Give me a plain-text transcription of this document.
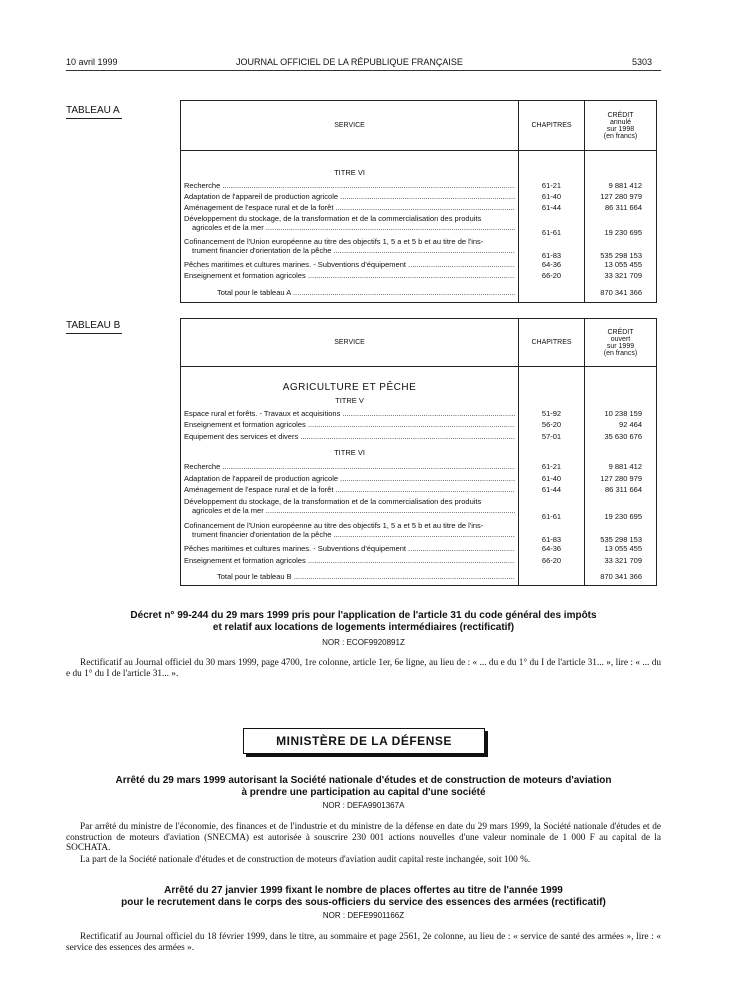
10 avril 1999	JOURNAL OFFICIEL DE LA RÉPUBLIQUE FRANÇAISE	5303
TABLEAU A
SERVICE	CHAPITRES	CRÉDIT
annulé
sur 1998
(en francs)

TITRE VI		

Recherche .....	61-21	9 881 412

Adaptation de l'appareil de production agricole .....	61-40	127 280 979

Aménagement de l'espace rural et de la forêt .....	61-44	86 311 664

Développement du stockage, de la transformation et de la commercialisation des produits
agricoles et de la mer .....	61-61	19 230 695

Cofinancement de l'Union européenne au titre des objectifs 1, 5 a et 5 b et au titre de l'ins-
trument financier d'orientation de la pêche .....	61-83	535 298 153

Pêches maritimes et cultures marines. - Subventions d'équipement .....	64-36	13 055 455

Enseignement et formation agricoles .....	66-20	33 321 709

Total pour le tableau A .....		870 341 366
TABLEAU B
SERVICE	CHAPITRES	CRÉDIT
ouvert
sur 1999
(en francs)

AGRICULTURE ET PÊCHE		
TITRE V		

Espace rural et forêts. - Travaux et acquisitions .....	51-92	10 238 159

Enseignement et formation agricoles .....	56-20	92 464

Equipement des services et divers .....	57-01	35 630 676
TITRE VI		

Recherche .....	61-21	9 881 412

Adaptation de l'appareil de production agricole .....	61-40	127 280 979

Aménagement de l'espace rural et de la forêt .....	61-44	86 311 664

Développement du stockage, de la transformation et de la commercialisation des produits
agricoles et de la mer .....	61-61	19 230 695

Cofinancement de l'Union européenne au titre des objectifs 1, 5 a et 5 b et au titre de l'ins-
trument financier d'orientation de la pêche .....	61-83	535 298 153

Pêches maritimes et cultures marines. - Subventions d'équipement .....	64-36	13 055 455

Enseignement et formation agricoles .....	66-20	33 321 709

Total pour le tableau B .....		870 341 366
Décret n° 99-244 du 29 mars 1999 pris pour l'application de l'article 31 du code général des impôts
et relatif aux locations de logements intermédiaires (rectificatif)
NOR : ECOF9920891Z
Rectificatif au Journal officiel du 30 mars 1999, page 4700, 1re colonne, article 1er, 6e ligne, au lieu de : « ... du e du 1° du I de l'article 31... », lire : « ... du e du 1° du I de l'article 31... ».
MINISTÈRE DE LA DÉFENSE
Arrêté du 29 mars 1999 autorisant la Société nationale d'études et de construction de moteurs d'aviation
à prendre une participation au capital d'une société
NOR : DEFA9901367A
Par arrêté du ministre de l'économie, des finances et de l'industrie et du ministre de la défense en date du 29 mars 1999, la Société nationale d'études et de construction de moteurs d'aviation (SNECMA) est autorisée à souscrire 230 001 actions nouvelles d'une valeur nominale de 1 000 F au capital de la SOCHATA.
La part de la Société nationale d'études et de construction de moteurs d'aviation audit capital reste inchangée, soit 100 %.
Arrêté du 27 janvier 1999 fixant le nombre de places offertes au titre de l'année 1999
pour le recrutement dans le corps des sous-officiers du service des essences des armées (rectificatif)
NOR : DEFE9901166Z
Rectificatif au Journal officiel du 18 février 1999, dans le titre, au sommaire et page 2561, 2e colonne, au lieu de : « service de santé des armées », lire : « service des essences des armées ».
